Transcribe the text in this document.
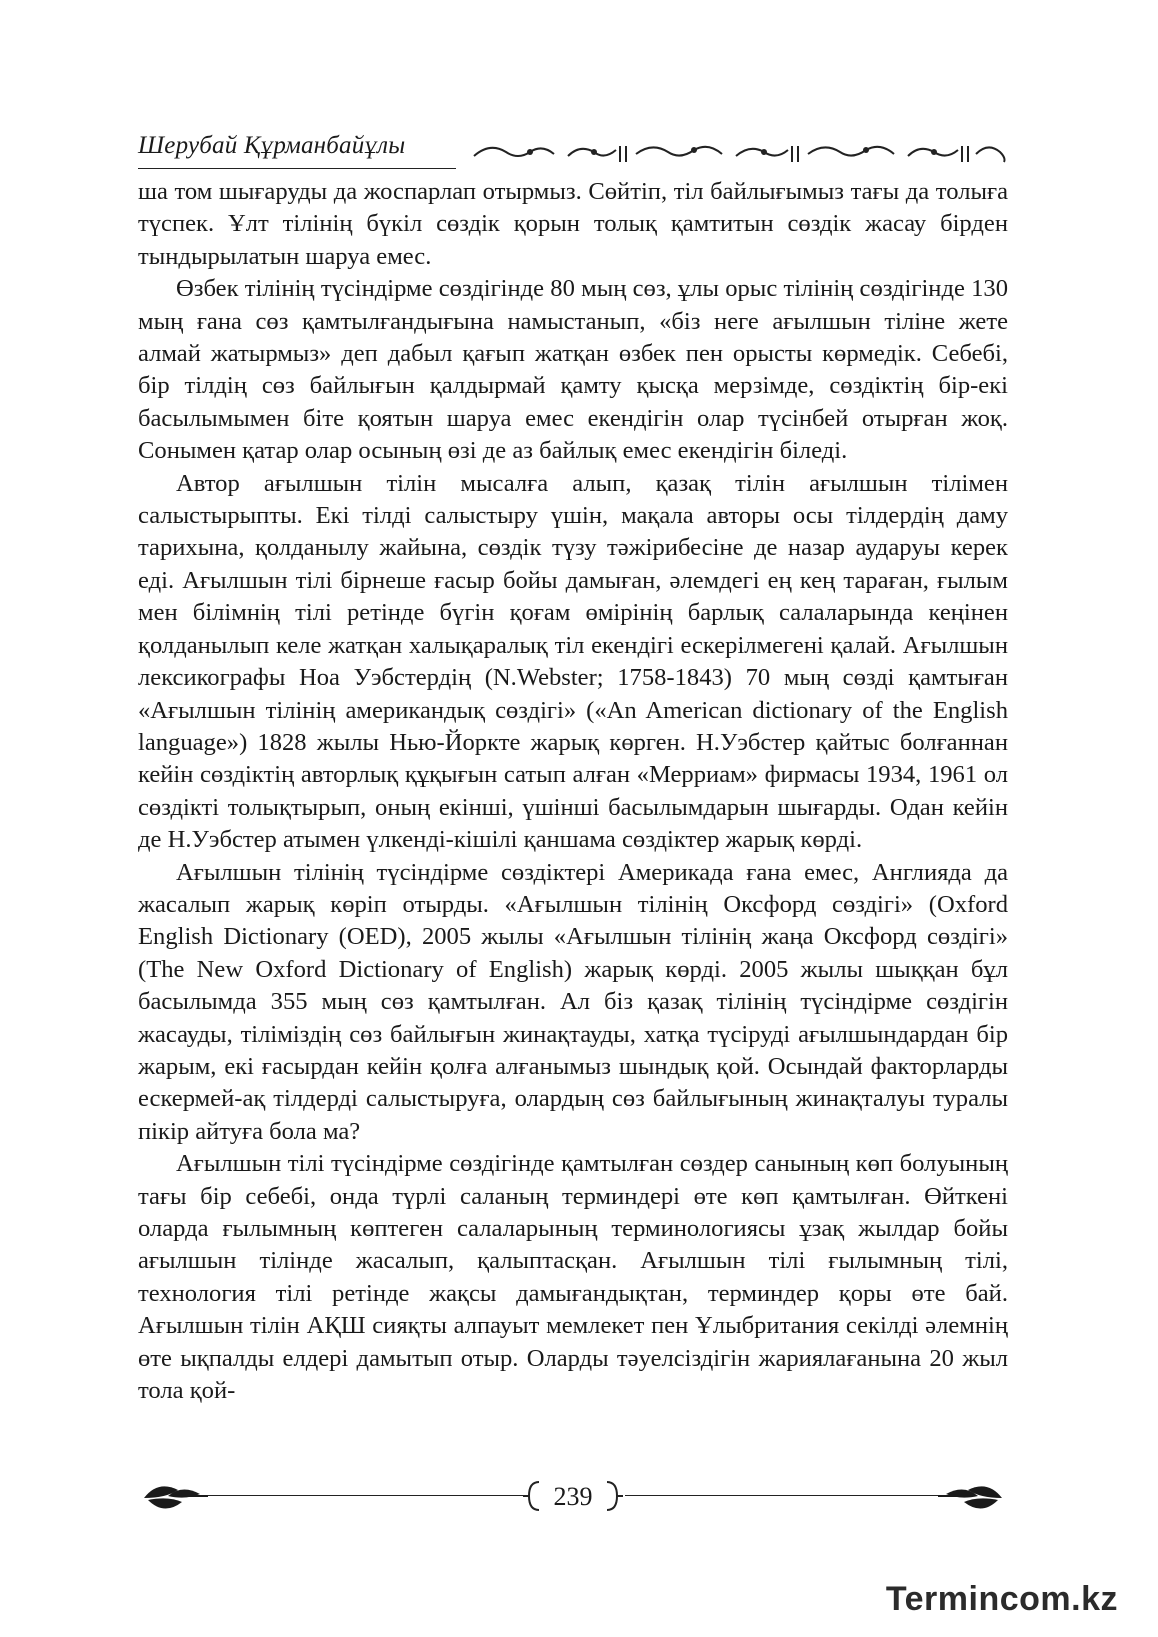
Шерубай Құрманбайұлы

ша том шығаруды да жоспарлап отырмыз. Сөйтіп, тіл байлығымыз тағы да толыға түспек. Ұлт тілінің бүкіл сөздік қорын толық қамтитын сөздік жасау бірден тындырылатын шаруа емес.

Өзбек тілінің түсіндірме сөздігінде 80 мың сөз, ұлы орыс тілінің сөздігінде 130 мың ғана сөз қамтылғандығына намыстанып, «біз неге ағылшын тіліне жете алмай жатырмыз» деп дабыл қағып жатқан өзбек пен орысты көрмедік. Себебі, бір тілдің сөз байлығын қалдырмай қамту қысқа мерзімде, сөздіктің бір-екі басылымымен біте қоятын шаруа емес екендігін олар түсінбей отырған жоқ. Сонымен қатар олар осының өзі де аз байлық емес екендігін біледі.

Автор ағылшын тілін мысалға алып, қазақ тілін ағылшын тілімен салыстырыпты. Екі тілді салыстыру үшін, мақала авторы осы тілдердің даму тарихына, қолданылу жайына, сөздік түзу тәжірибесіне де назар аударуы керек еді. Ағылшын тілі бірнеше ғасыр бойы дамыған, әлемдегі ең кең тараған, ғылым мен білімнің тілі ретінде бүгін қоғам өмірінің барлық салаларында кеңінен қолданылып келе жатқан халықаралық тіл екендігі ескерілмегені қалай. Ағылшын лексикографы Ноа Уэбстердің (N.Webster; 1758-1843) 70 мың сөзді қамтыған «Ағылшын тілінің американдық сөздігі» («An American dictionary of the English language») 1828 жылы Нью-Йоркте жарық көрген. Н.Уэбстер қайтыс болғаннан кейін сөздіктің авторлық құқығын сатып алған «Мерриам» фирмасы 1934, 1961 ол сөздікті толықтырып, оның екінші, үшінші басылымдарын шығарды. Одан кейін де Н.Уэбстер атымен үлкенді-кішілі қаншама сөздіктер жарық көрді.

Ағылшын тілінің түсіндірме сөздіктері Америкада ғана емес, Англияда да жасалып жарық көріп отырды. «Ағылшын тілінің Оксфорд сөздігі» (Oxford English Dictionary (OED), 2005 жылы «Ағылшын тілінің жаңа Оксфорд сөздігі» (The New Oxford Dictionary of English) жарық көрді. 2005 жылы шыққан бұл басылымда 355 мың сөз қамтылған. Ал біз қазақ тілінің түсіндірме сөздігін жасауды, тіліміздің сөз байлығын жинақтауды, хатқа түсіруді ағылшындардан бір жарым, екі ғасырдан кейін қолға алғанымыз шындық қой. Осындай факторларды ескермей-ақ тілдерді салыстыруға, олардың сөз байлығының жинақталуы туралы пікір айтуға бола ма?

Ағылшын тілі түсіндірме сөздігінде қамтылған сөздер санының көп болуының тағы бір себебі, онда түрлі саланың терминдері өте көп қамтылған. Өйткені оларда ғылымның көптеген салаларының терминологиясы ұзақ жылдар бойы ағылшын тілінде жасалып, қалыптасқан. Ағылшын тілі ғылымның тілі, технология тілі ретінде жақсы дамығандықтан, терминдер қоры өте бай. Ағылшын тілін АҚШ сияқты алпауыт мемлекет пен Ұлыбритания секілді әлемнің өте ықпалды елдері дамытып отыр. Оларды тәуелсіздігін жариялағанына 20 жыл тола қой-

239
Termincom.kz
